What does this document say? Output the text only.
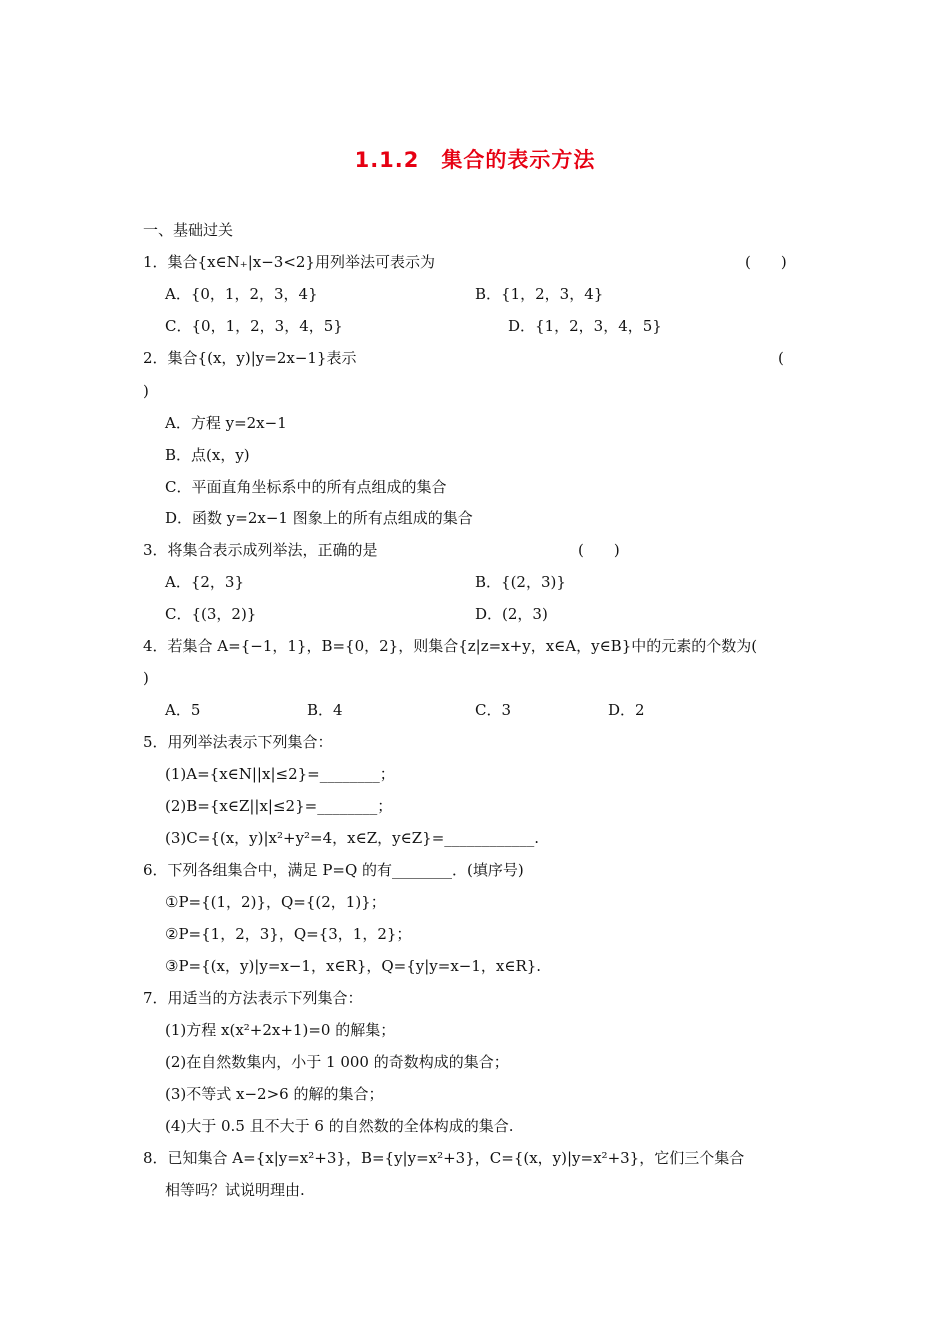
1.1.2　集合的表示方法
一、基础过关
1．集合{x∈N₊|x−3<2}用列举法可表示为	(　　)
A．{0，1，2，3，4}	B．{1，2，3，4}
C．{0，1，2，3，4，5}	D．{1，2，3，4，5}
2．集合{(x，y)|y=2x−1}表示	(
)
A．方程 y=2x−1
B．点(x，y)
C．平面直角坐标系中的所有点组成的集合
D．函数 y=2x−1 图象上的所有点组成的集合
3．将集合表示成列举法，正确的是	(　　)
A．{2，3}	B．{(2，3)}
C．{(3，2)}	D．(2，3)
4．若集合 A={−1，1}，B={0，2}，则集合{z|z=x+y，x∈A，y∈B}中的元素的个数为(
)
A．5	B．4	C．3	D．2
5．用列举法表示下列集合：
(1)A={x∈N||x|≤2}=________；
(2)B={x∈Z||x|≤2}=________；
(3)C={(x，y)|x²+y²=4，x∈Z，y∈Z}=____________.
6．下列各组集合中，满足 P=Q 的有________．(填序号)
①P={(1，2)}，Q={(2，1)}；
②P={1，2，3}，Q={3，1，2}；
③P={(x，y)|y=x−1，x∈R}，Q={y|y=x−1，x∈R}.
7．用适当的方法表示下列集合：
(1)方程 x(x²+2x+1)=0 的解集；
(2)在自然数集内，小于 1 000 的奇数构成的集合；
(3)不等式 x−2>6 的解的集合；
(4)大于 0.5 且不大于 6 的自然数的全体构成的集合.
8．已知集合 A={x|y=x²+3}，B={y|y=x²+3}，C={(x，y)|y=x²+3}，它们三个集合
相等吗？试说明理由.
